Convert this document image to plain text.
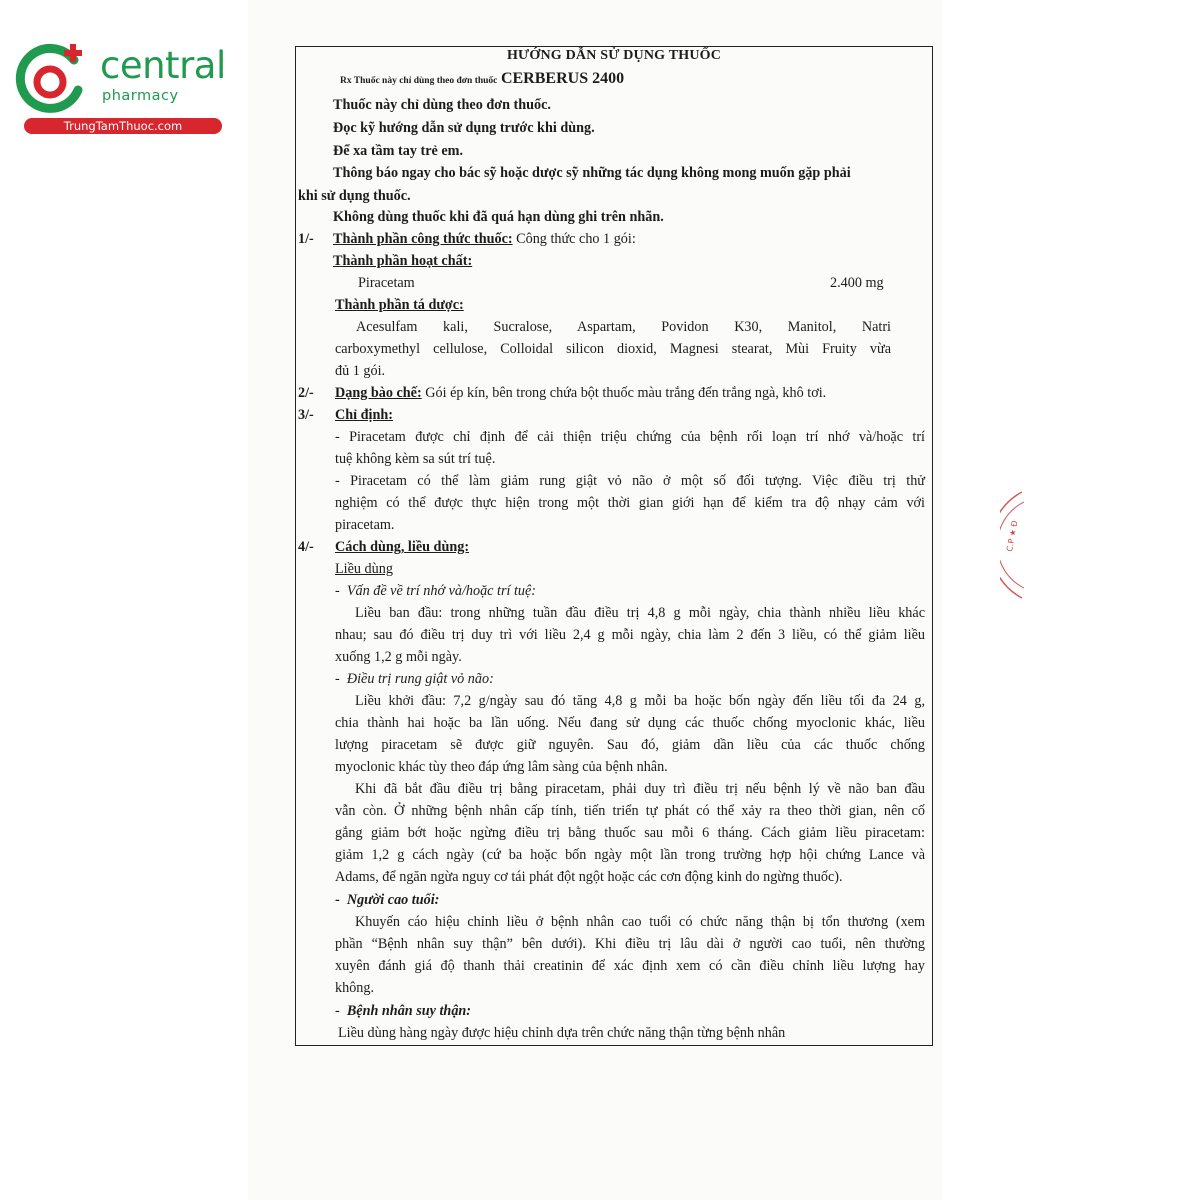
central
pharmacy
TrungTamThuoc.com
C.P ★ Đ
HƯỚNG DẪN SỬ DỤNG THUỐC
Rx Thuốc này chỉ dùng theo đơn thuốc CERBERUS 2400
Thuốc này chỉ dùng theo đơn thuốc.
Đọc kỹ hướng dẫn sử dụng trước khi dùng.
Để xa tầm tay trẻ em.
Thông báo ngay cho bác sỹ hoặc dược sỹ những tác dụng không mong muốn gặp phải
khi sử dụng thuốc.
Không dùng thuốc khi đã quá hạn dùng ghi trên nhãn.
1/- Thành phần công thức thuốc: Công thức cho 1 gói:
Thành phần hoạt chất:
Piracetam	2.400 mg
Thành phần tá dược:
Acesulfam kali, Sucralose, Aspartam, Povidon K30, Manitol, Natri
carboxymethyl cellulose, Colloidal silicon dioxid, Magnesi stearat, Mùi Fruity vừa
đủ 1 gói.
2/- Dạng bào chế: Gói ép kín, bên trong chứa bột thuốc màu trắng đến trắng ngà, khô tơi.
3/- Chỉ định:
- Piracetam được chỉ định để cải thiện triệu chứng của bệnh rối loạn trí nhớ và/hoặc trí
tuệ không kèm sa sút trí tuệ.
- Piracetam có thể làm giảm rung giật vỏ não ở một số đối tượng. Việc điều trị thử
nghiệm có thể được thực hiện trong một thời gian giới hạn để kiểm tra độ nhạy cảm với
piracetam.
4/- Cách dùng, liều dùng:
Liều dùng
-  Vấn đề về trí nhớ và/hoặc trí tuệ:
Liều ban đầu: trong những tuần đầu điều trị 4,8 g mỗi ngày, chia thành nhiều liều khác
nhau; sau đó điều trị duy trì với liều 2,4 g mỗi ngày, chia làm 2 đến 3 liều, có thể giảm liều
xuống 1,2 g mỗi ngày.
-  Điều trị rung giật vỏ não:
Liều khởi đầu: 7,2 g/ngày sau đó tăng 4,8 g mỗi ba hoặc bốn ngày đến liều tối đa 24 g,
chia thành hai hoặc ba lần uống. Nếu đang sử dụng các thuốc chống myoclonic khác, liều
lượng piracetam sẽ được giữ nguyên. Sau đó, giảm dần liều của các thuốc chống
myoclonic khác tùy theo đáp ứng lâm sàng của bệnh nhân.
Khi đã bắt đầu điều trị bằng piracetam, phải duy trì điều trị nếu bệnh lý về não ban đầu
vẫn còn. Ở những bệnh nhân cấp tính, tiến triển tự phát có thể xảy ra theo thời gian, nên cố
gắng giảm bớt hoặc ngừng điều trị bằng thuốc sau mỗi 6 tháng. Cách giảm liều piracetam:
giảm 1,2 g cách ngày (cứ ba hoặc bốn ngày một lần trong trường hợp hội chứng Lance và
Adams, để ngăn ngừa nguy cơ tái phát đột ngột hoặc các cơn động kinh do ngừng thuốc).
-  Người cao tuổi:
Khuyến cáo hiệu chỉnh liều ở bệnh nhân cao tuổi có chức năng thận bị tổn thương (xem
phần “Bệnh nhân suy thận” bên dưới). Khi điều trị lâu dài ở người cao tuổi, nên thường
xuyên đánh giá độ thanh thải creatinin để xác định xem có cần điều chỉnh liều lượng hay
không.
-  Bệnh nhân suy thận:
Liều dùng hàng ngày được hiệu chỉnh dựa trên chức năng thận từng bệnh nhân
